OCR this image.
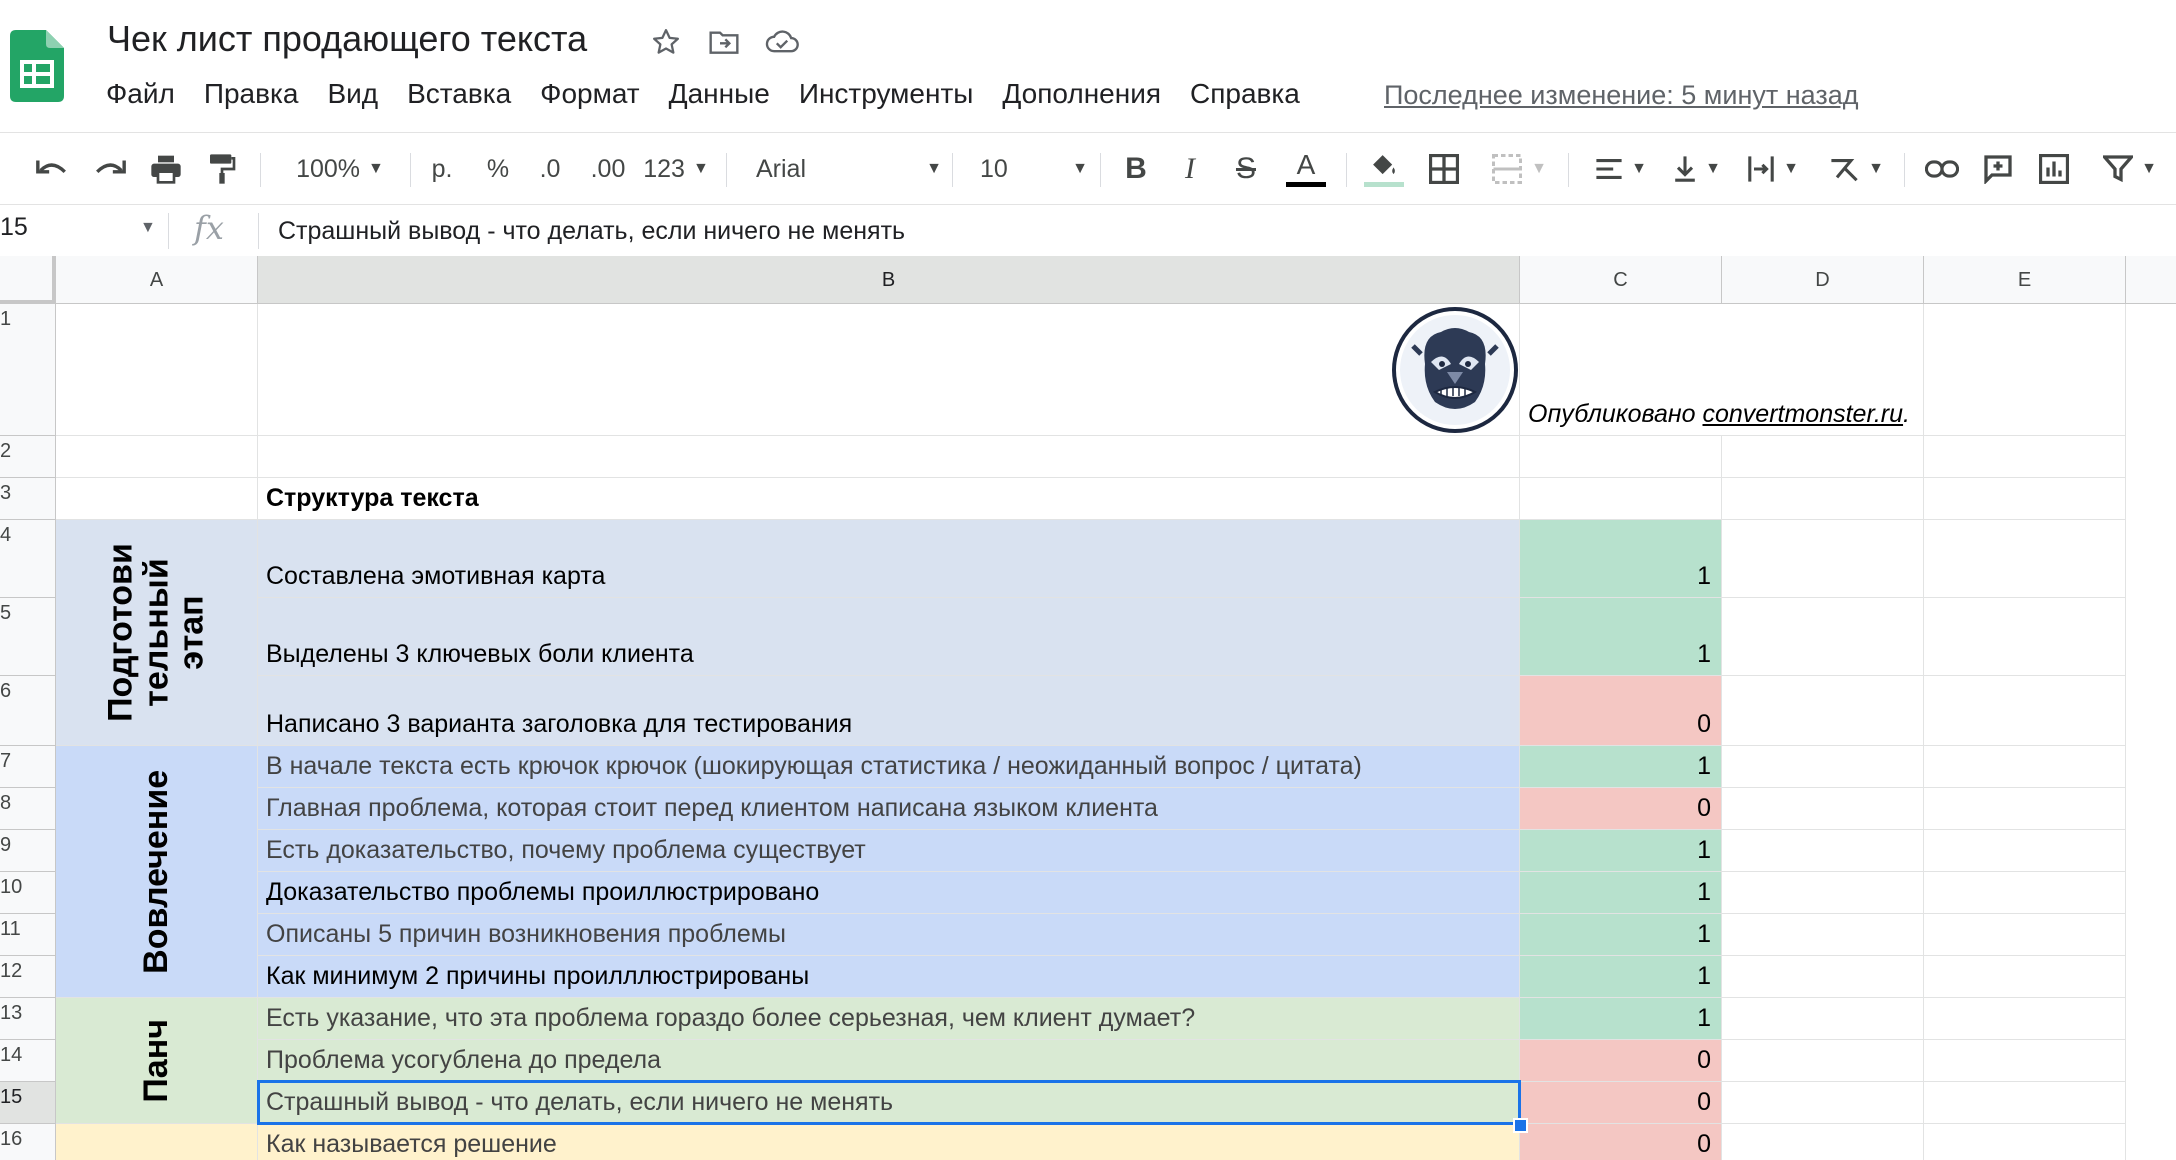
Чек лист продающего текста
Файл Правка Вид Вставка Формат Данные Инструменты Дополнения Справка	Последнее изменение: 5 минут назад
100% ▼ р. % .0 .00 123 ▼	Arial	▼	10	▼	B	I	S	A	▼	▼	▼	▼	▼	▼
15	▼ fx Страшный вывод - что делать, если ничего не менять
A	B	C	D	E
1
2
3
4
5
6
7
8
9
10
11
12
13
14
15
16
Опубликовано convertmonster.ru.
Структура текста
Подготови тельный этап
Вовлечение
Панч
Составлена эмотивная карта	1
Выделены 3 ключевых боли клиента	1
Написано 3 варианта заголовка для тестирования	0
В начале текста есть крючок крючок (шокирующая статистика / неожиданный вопрос / цитата)	1
Главная проблема, которая стоит перед клиентом написана языком клиента	0
Есть доказательство, почему проблема существует	1
Доказательство проблемы проиллюстрировано	1
Описаны 5 причин возникновения проблемы	1
Как минимум 2 причины проилллюстрированы	1
Есть указание, что эта проблема гораздо более серьезная, чем клиент думает?	1
Проблема усогублена до предела	0
Страшный вывод - что делать, если ничего не менять	0
Как называется решение	0
